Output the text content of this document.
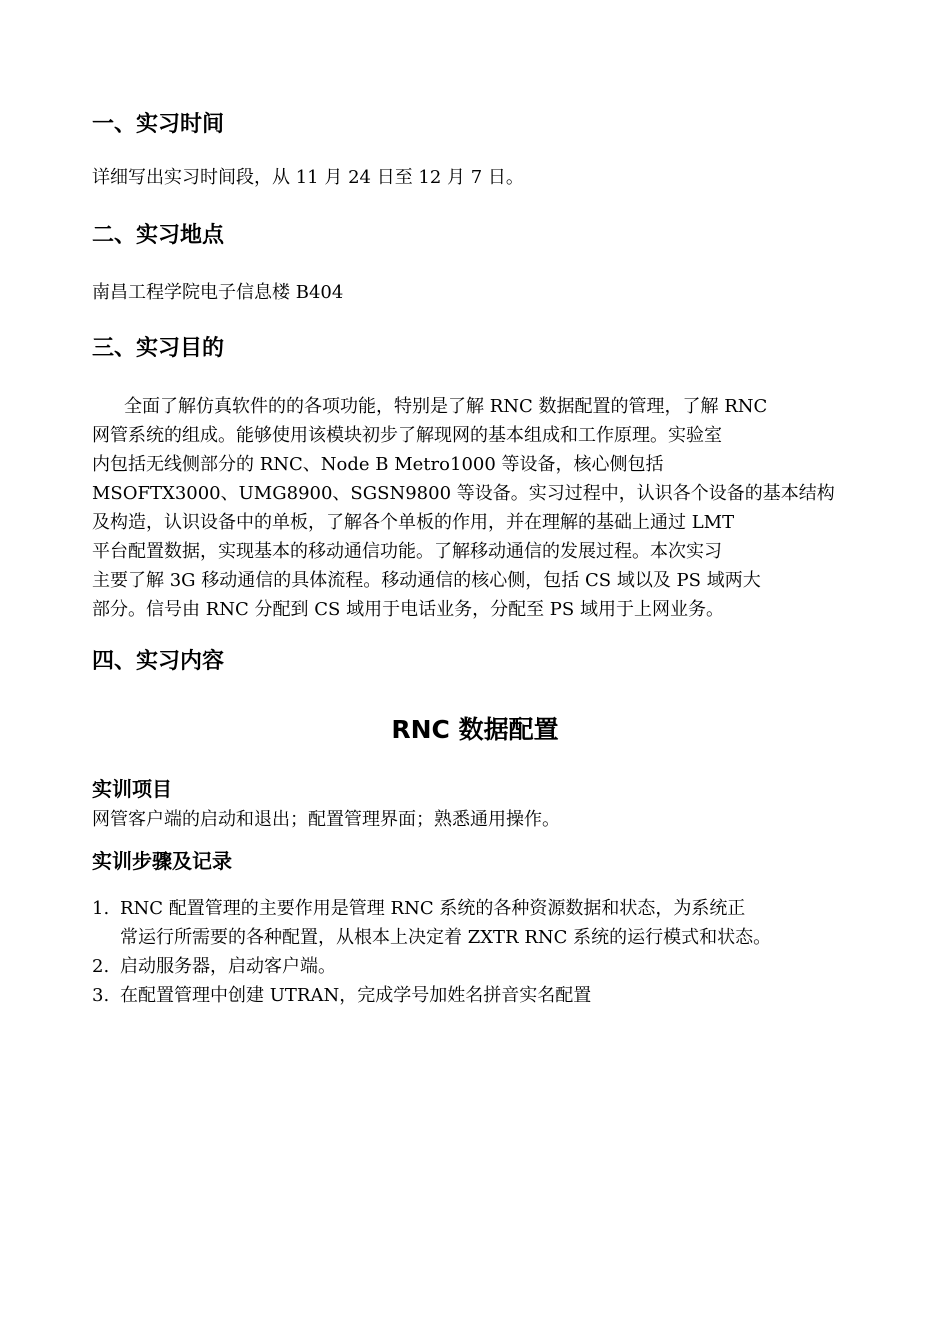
一、实习时间

详细写出实习时间段，从 11 月 24 日至 12 月 7 日。

二、实习地点

南昌工程学院电子信息楼 B404

三、实习目的
全面了解仿真软件的的各项功能，特别是了解 RNC 数据配置的管理，了解 RNC
网管系统的组成。能够使用该模块初步了解现网的基本组成和工作原理。实验室
内包括无线侧部分的 RNC、Node B Metro1000 等设备，核心侧包括
MSOFTX3000、UMG8900、SGSN9800 等设备。实习过程中，认识各个设备的基本结构
及构造，认识设备中的单板，了解各个单板的作用，并在理解的基础上通过 LMT
平台配置数据，实现基本的移动通信功能。了解移动通信的发展过程。本次实习
主要了解 3G 移动通信的具体流程。移动通信的核心侧，包括 CS 域以及 PS 域两大
部分。信号由 RNC 分配到 CS 域用于电话业务，分配至 PS 域用于上网业务。
四、实习内容
RNC 数据配置
实训项目

网管客户端的启动和退出；配置管理界面；熟悉通用操作。

实训步骤及记录
1. RNC 配置管理的主要作用是管理 RNC 系统的各种资源数据和状态，为系统正
常运行所需要的各种配置，从根本上决定着 ZXTR RNC 系统的运行模式和状态。
2. 启动服务器，启动客户端。
3. 在配置管理中创建 UTRAN，完成学号加姓名拼音实名配置
